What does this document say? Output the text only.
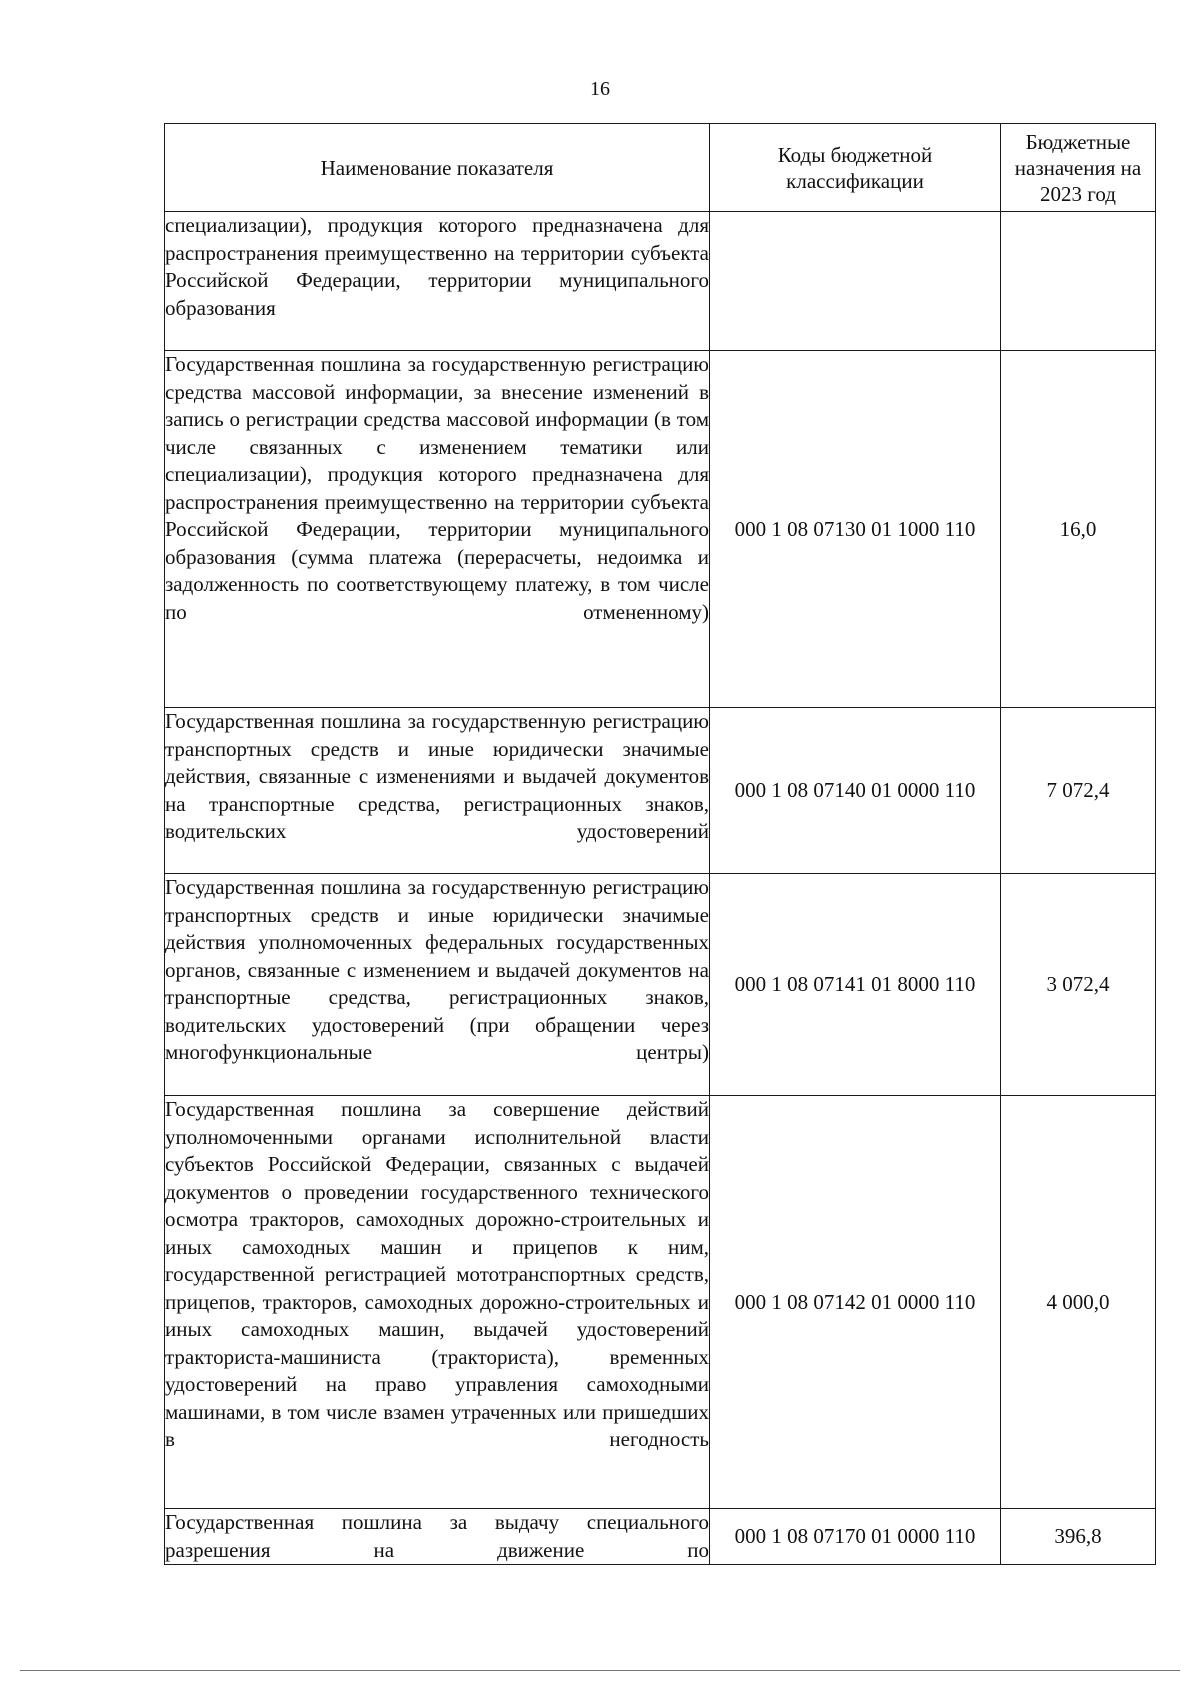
16
Наименование показателя	Коды бюджетной классификации	Бюджетные назначения на 2023 год

специализации), продукция которого предназначена для распространения преимущественно на территории субъекта Российской Федерации, территории муниципального образования		

Государственная пошлина за государственную регистрацию средства массовой информации, за внесение изменений в запись о регистрации средства массовой информации (в том числе связанных с изменением тематики или специализации), продукция которого предназначена для распространения преимущественно на территории субъекта Российской Федерации, территории муниципального образования (сумма платежа (перерасчеты, недоимка и задолженность по соответствующему платежу, в том числе по отмененному)	000 1 08 07130 01 1000 110	16,0

Государственная пошлина за государственную регистрацию транспортных средств и иные юридически значимые действия, связанные с изменениями и выдачей документов на транспортные средства, регистрационных знаков, водительских удостоверений	000 1 08 07140 01 0000 110	7 072,4

Государственная пошлина за государственную регистрацию транспортных средств и иные юридически значимые действия уполномоченных федеральных государственных органов, связанные с изменением и выдачей документов на транспортные средства, регистрационных знаков, водительских удостоверений (при обращении через многофункциональные центры)	000 1 08 07141 01 8000 110	3 072,4

Государственная пошлина за совершение действий уполномоченными органами исполнительной власти субъектов Российской Федерации, связанных с выдачей документов о проведении государственного технического осмотра тракторов, самоходных дорожно-строительных и иных самоходных машин и прицепов к ним, государственной регистрацией мототранспортных средств, прицепов, тракторов, самоходных дорожно-строительных и иных самоходных машин, выдачей удостоверений тракториста-машиниста (тракториста), временных удостоверений на право управления самоходными машинами, в том числе взамен утраченных или пришедших в негодность	000 1 08 07142 01 0000 110	4 000,0

Государственная пошлина за выдачу специального разрешения на движение по	000 1 08 07170 01 0000 110	396,8
